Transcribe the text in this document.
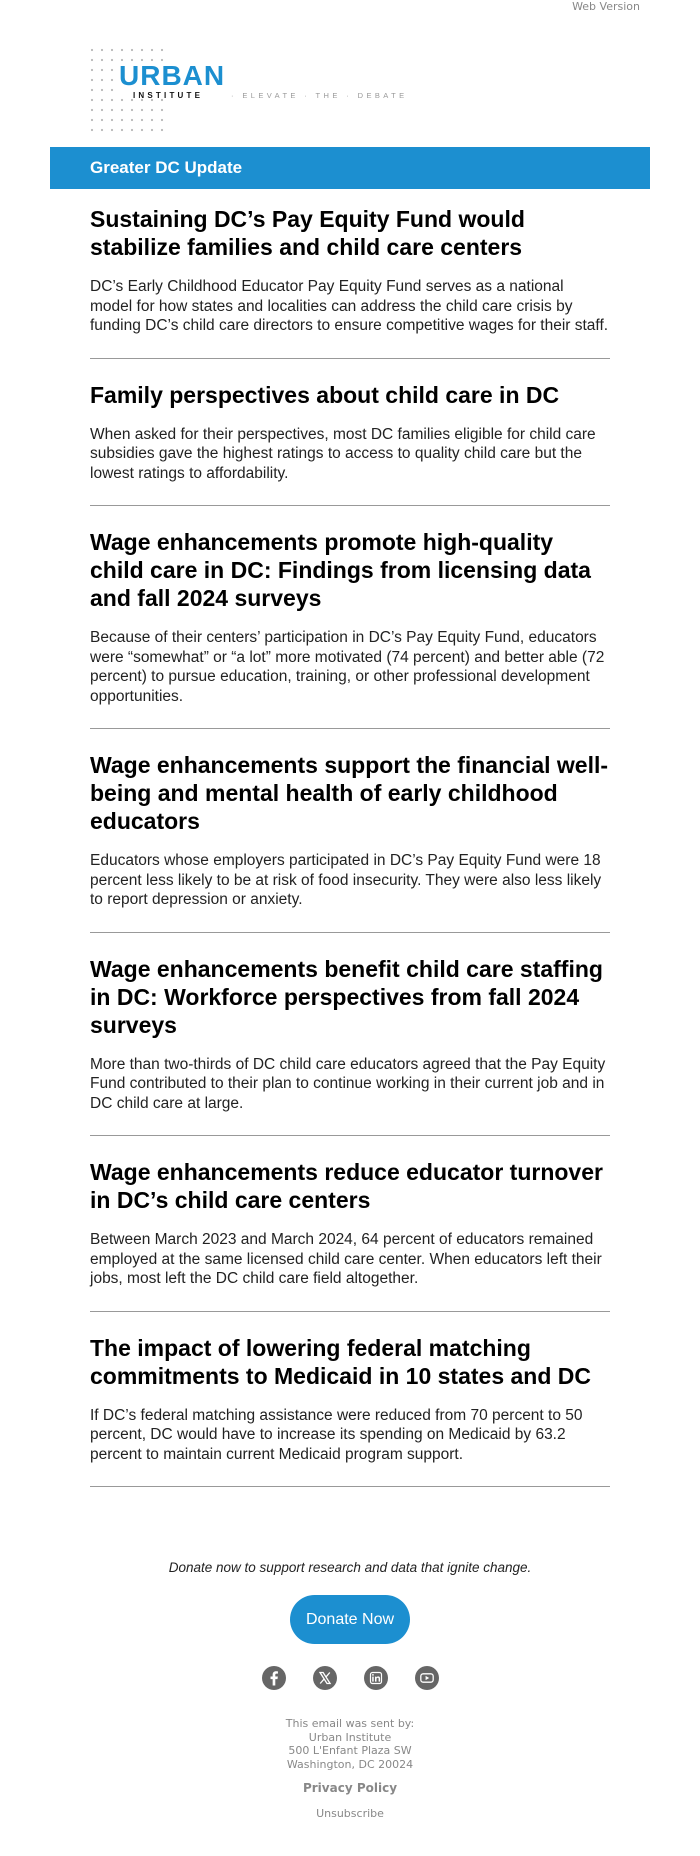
Web Version
URBAN
INSTITUTE	· ELEVATE · THE · DEBATE
Greater DC Update
Sustaining DC’s Pay Equity Fund would stabilize families and child care centers

DC’s Early Childhood Educator Pay Equity Fund serves as a national model for how states and localities can address the child care crisis by funding DC’s child care directors to ensure competitive wages for their staff.

Family perspectives about child care in DC

When asked for their perspectives, most DC families eligible for child care subsidies gave the highest ratings to access to quality child care but the lowest ratings to affordability.

Wage enhancements promote high-quality child care in DC: Findings from licensing data and fall 2024 surveys

Because of their centers’ participation in DC’s Pay Equity Fund, educators were “somewhat” or “a lot” more motivated (74 percent) and better able (72 percent) to pursue education, training, or other professional development opportunities.

Wage enhancements support the financial well-being and mental health of early childhood educators

Educators whose employers participated in DC’s Pay Equity Fund were 18 percent less likely to be at risk of food insecurity. They were also less likely to report depression or anxiety.

Wage enhancements benefit child care staffing in DC: Workforce perspectives from fall 2024 surveys

More than two-thirds of DC child care educators agreed that the Pay Equity Fund contributed to their plan to continue working in their current job and in DC child care at large.

Wage enhancements reduce educator turnover in DC’s child care centers

Between March 2023 and March 2024, 64 percent of educators remained employed at the same licensed child care center. When educators left their jobs, most left the DC child care field altogether.

The impact of lowering federal matching commitments to Medicaid in 10 states and DC

If DC’s federal matching assistance were reduced from 70 percent to 50 percent, DC would have to increase its spending on Medicaid by 63.2 percent to maintain current Medicaid program support.

Donate now to support research and data that ignite change.

Donate Now
This email was sent by:
Urban Institute
500 L'Enfant Plaza SW
Washington, DC 20024
Privacy Policy
Unsubscribe
